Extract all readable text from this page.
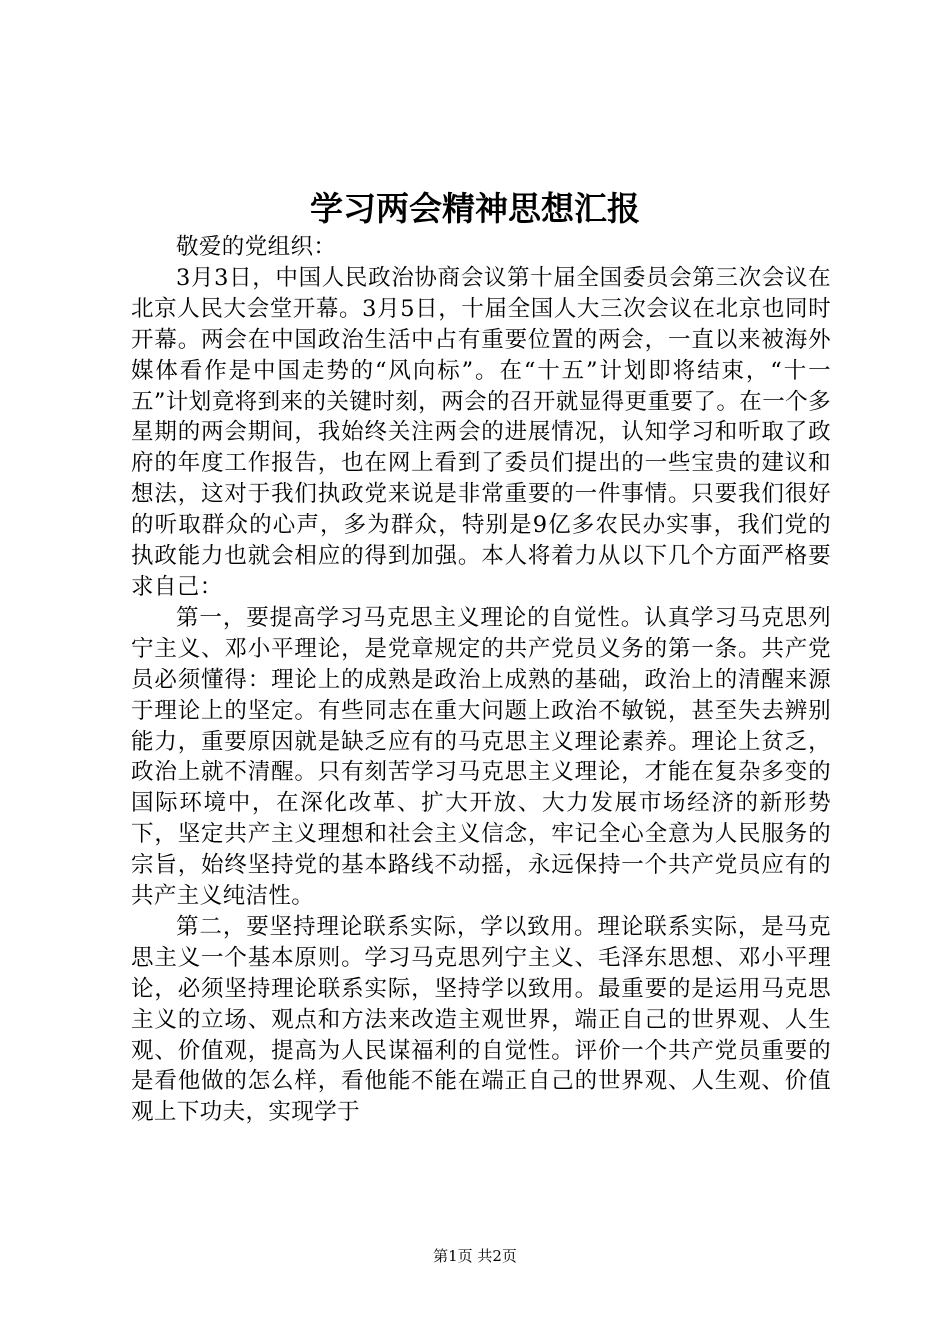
学习两会精神思想汇报

敬爱的党组织：

3月3日，中国人民政治协商会议第十届全国委员会第三次会议在北京人民大会堂开幕。3月5日，十届全国人大三次会议在北京也同时开幕。两会在中国政治生活中占有重要位置的两会，一直以来被海外媒体看作是中国走势的“风向标”。在“十五”计划即将结束，“十一五”计划竟将到来的关键时刻，两会的召开就显得更重要了。在一个多星期的两会期间，我始终关注两会的进展情况，认知学习和听取了政府的年度工作报告，也在网上看到了委员们提出的一些宝贵的建议和想法，这对于我们执政党来说是非常重要的一件事情。只要我们很好的听取群众的心声，多为群众，特别是9亿多农民办实事，我们党的执政能力也就会相应的得到加强。本人将着力从以下几个方面严格要求自己：

第一，要提高学习马克思主义理论的自觉性。认真学习马克思列宁主义、邓小平理论，是党章规定的共产党员义务的第一条。共产党员必须懂得：理论上的成熟是政治上成熟的基础，政治上的清醒来源于理论上的坚定。有些同志在重大问题上政治不敏锐，甚至失去辨别能力，重要原因就是缺乏应有的马克思主义理论素养。理论上贫乏，政治上就不清醒。只有刻苦学习马克思主义理论，才能在复杂多变的国际环境中，在深化改革、扩大开放、大力发展市场经济的新形势下，坚定共产主义理想和社会主义信念，牢记全心全意为人民服务的宗旨，始终坚持党的基本路线不动摇，永远保持一个共产党员应有的共产主义纯洁性。

第二，要坚持理论联系实际，学以致用。理论联系实际，是马克思主义一个基本原则。学习马克思列宁主义、毛泽东思想、邓小平理论，必须坚持理论联系实际，坚持学以致用。最重要的是运用马克思主义的立场、观点和方法来改造主观世界，端正自己的世界观、人生观、价值观，提高为人民谋福利的自觉性。评价一个共产党员重要的是看他做的怎么样，看他能不能在端正自己的世界观、人生观、价值观上下功夫，实现学于

第1页 共2页
